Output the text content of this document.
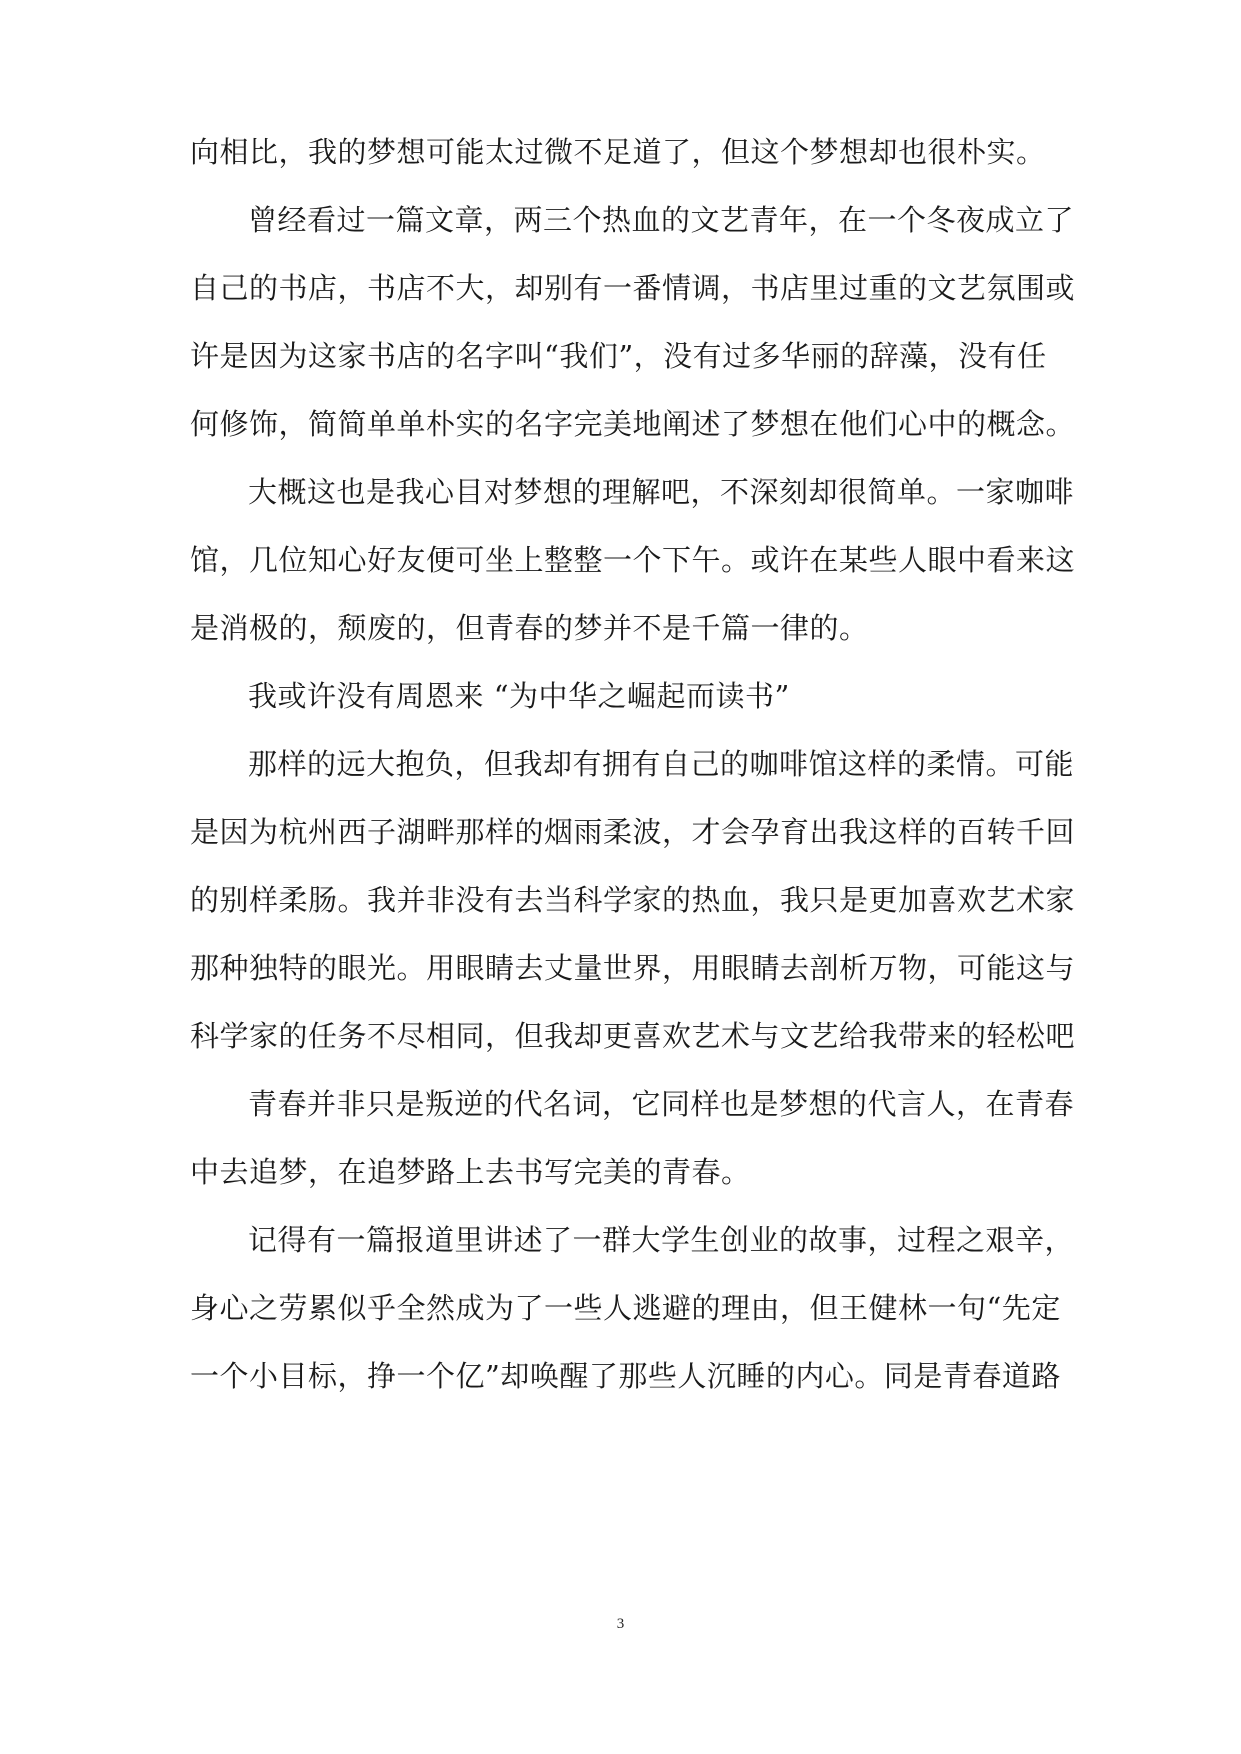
向相比，我的梦想可能太过微不足道了，但这个梦想却也很朴实。
曾经看过一篇文章，两三个热血的文艺青年，在一个冬夜成立了
自己的书店，书店不大，却别有一番情调，书店里过重的文艺氛围或
许是因为这家书店的名字叫“我们”，没有过多华丽的辞藻，没有任
何修饰，简简单单朴实的名字完美地阐述了梦想在他们心中的概念。
大概这也是我心目对梦想的理解吧，不深刻却很简单。一家咖啡
馆，几位知心好友便可坐上整整一个下午。或许在某些人眼中看来这
是消极的，颓废的，但青春的梦并不是千篇一律的。
我或许没有周恩来 “为中华之崛起而读书”
那样的远大抱负，但我却有拥有自己的咖啡馆这样的柔情。可能
是因为杭州西子湖畔那样的烟雨柔波，才会孕育出我这样的百转千回
的别样柔肠。我并非没有去当科学家的热血，我只是更加喜欢艺术家
那种独特的眼光。用眼睛去丈量世界，用眼睛去剖析万物，可能这与
科学家的任务不尽相同，但我却更喜欢艺术与文艺给我带来的轻松吧
青春并非只是叛逆的代名词，它同样也是梦想的代言人，在青春
中去追梦，在追梦路上去书写完美的青春。
记得有一篇报道里讲述了一群大学生创业的故事，过程之艰辛，
身心之劳累似乎全然成为了一些人逃避的理由，但王健林一句“先定
一个小目标，挣一个亿”却唤醒了那些人沉睡的内心。同是青春道路
3
